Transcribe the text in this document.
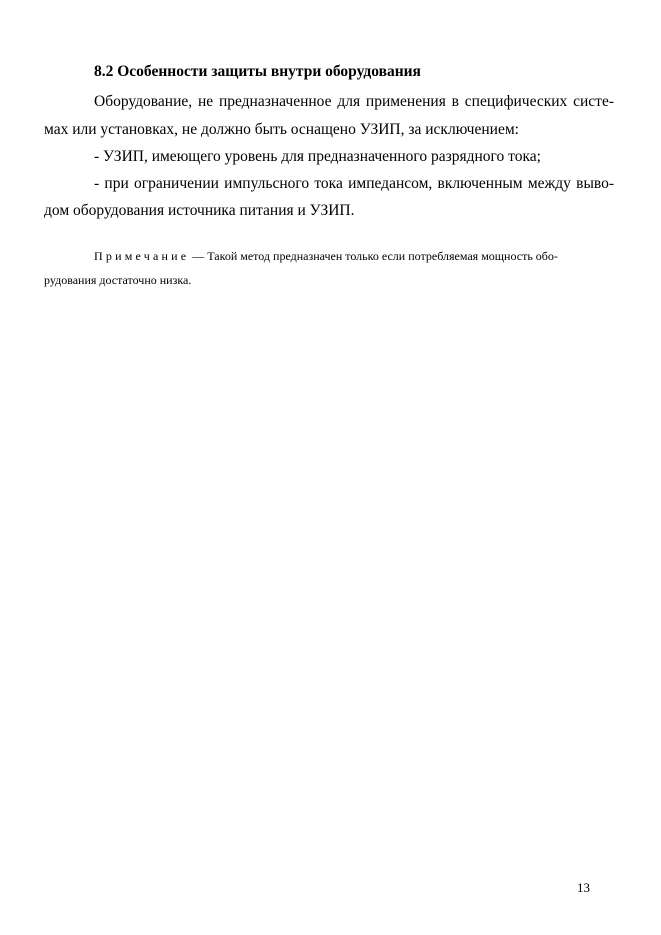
8.2 Особенности защиты внутри оборудования
Оборудование, не предназначенное для применения в специфических систе-
мах или установках, не должно быть оснащено УЗИП, за исключением:
- УЗИП, имеющего уровень для предназначенного разрядного тока;
- при ограничении импульсного тока импедансом, включенным между выво-
дом оборудования источника питания и УЗИП.
Примечание — Такой метод предназначен только если потребляемая мощность обо-
рудования достаточно низка.
13
